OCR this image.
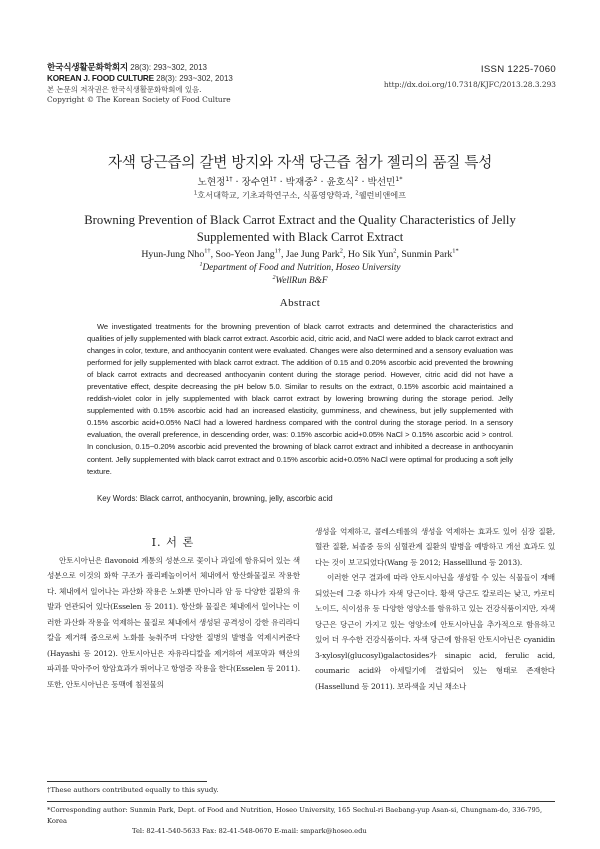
한국식생활문화학회지 28(3): 293~302, 2013
KOREAN J. FOOD CULTURE 28(3): 293~302, 2013
본 논문의 저작권은 한국식생활문화학회에 있음.
Copyright © The Korean Society of Food Culture
ISSN 1225-7060
http://dx.doi.org/10.7318/KJFC/2013.28.3.293
자색 당근즙의 갈변 방지와 자색 당근즙 첨가 젤리의 품질 특성
노현정$^{1\dagger}$ · 장수연$^{1\dagger}$ · 박재중$^2$ · 윤호식$^2$ · 박선민$^{1*}$
$^1$호서대학교, 기초과학연구소, 식품영양학과, $^2$웰런비앤에프
Browning Prevention of Black Carrot Extract and the Quality Characteristics of Jelly Supplemented with Black Carrot Extract
Hyun-Jung Nho$^{1\dagger}$, Soo-Yeon Jang$^{1\dagger}$, Jae Jung Park$^2$, Ho Sik Yun$^2$, Sunmin Park$^{1*}$
$^1$Department of Food and Nutrition, Hoseo University
$^2$WellRun B&F
Abstract
We investigated treatments for the browning prevention of black carrot extracts and determined the characteristics and qualities of jelly supplemented with black carrot extract. Ascorbic acid, citric acid, and NaCl were added to black carrot extract and changes in color, texture, and anthocyanin content were evaluated. Changes were also determined and a sensory evaluation was performed for jelly supplemented with black carrot extract. The addition of 0.15 and 0.20% ascorbic acid prevented the browning of black carrot extracts and decreased anthocyanin content during the storage period. However, citric acid did not have a preventative effect, despite decreasing the pH below 5.0. Similar to results on the extract, 0.15% ascorbic acid maintained a reddish-violet color in jelly supplemented with black carrot extract by lowering browning during the storage period. Jelly supplemented with 0.15% ascorbic acid had an increased elasticity, gumminess, and chewiness, but jelly supplemented with 0.15% ascorbic acid+0.05% NaCl had a lowered hardness compared with the control during the storage period. In a sensory evaluation, the overall preference, in descending order, was: 0.15% ascorbic acid+0.05% NaCl > 0.15% ascorbic acid > control. In conclusion, 0.15~0.20% ascorbic acid prevented the browning of black carrot extract and inhibited a decrease in anthocyanin content. Jelly supplemented with black carrot extract and 0.15% ascorbic acid+0.05% NaCl were optimal for producing a soft jelly texture.
Key Words: Black carrot, anthocyanin, browning, jelly, ascorbic acid
I. 서 론
안토시아닌은 flavonoid 계통의 성분으로 꽃이나 과일에 함유되어 있는 색 성분으로 이것의 화학 구조가 폴리페놀이어서 체내에서 항산화물질로 작용한다. 체내에서 일어나는 과산화 작용은 노화뿐 만아니라 암 등 다양한 질환의 유발과 연관되어 있다(Esselen 등 2011). 항산화 물질은 체내에서 일어나는 이러한 과산화 작용을 억제하는 물질로 체내에서 생성된 공격성이 강한 유리라디칼을 제거해 줌으로써 노화를 늦춰주며 다양한 질병의 발병을 억제시켜준다(Hayashi 등 2012). 안토시아닌은 자유라디칼을 제거하여 세포막과 핵산의 파괴를 막아주어 항암효과가 뛰어나고 항염증 작용을 한다(Esselen 등 2011). 또한, 안토시아닌은 동맥에 침전물의
생성을 억제하고, 콜레스테롤의 생성을 억제하는 효과도 있어 심장 질환, 혈관 질환, 뇌졸중 등의 심혈관계 질환의 발병을 예방하고 개선 효과도 있다는 것이 보고되었다(Wang 등 2012; Hasselllund 등 2013).
이러한 연구 결과에 따라 안토시아닌을 생성할 수 있는 식물들이 재배되었는데 그중 하나가 자색 당근이다. 황색 당근도 칼로리는 낮고, 카로티노이드, 식이섬유 등 다양한 영양소를 함유하고 있는 건강식품이지만, 자색 당근은 당근이 가지고 있는 영양소에 안토시아닌을 추가적으로 함유하고 있어 더 우수한 건강식품이다. 자색 당근에 함유된 안토시아닌은 cyanidin 3-xylosyl(glucosyl)galactosides가 sinapic acid, ferulic acid, coumaric acid와 아세틸기에 결합되어 있는 형태로 존재한다(Hassellund 등 2011). 보라색을 지닌 채소나
†These authors contributed equally to this syudy.
*Corresponding author: Sunmin Park, Dept. of Food and Nutrition, Hoseo University, 165 Sechul-ri Baebang-yup Asan-si, Chungnam-do, 336-795, Korea
Tel: 82-41-540-5633 Fax: 82-41-548-0670 E-mail: smpark@hoseo.edu
